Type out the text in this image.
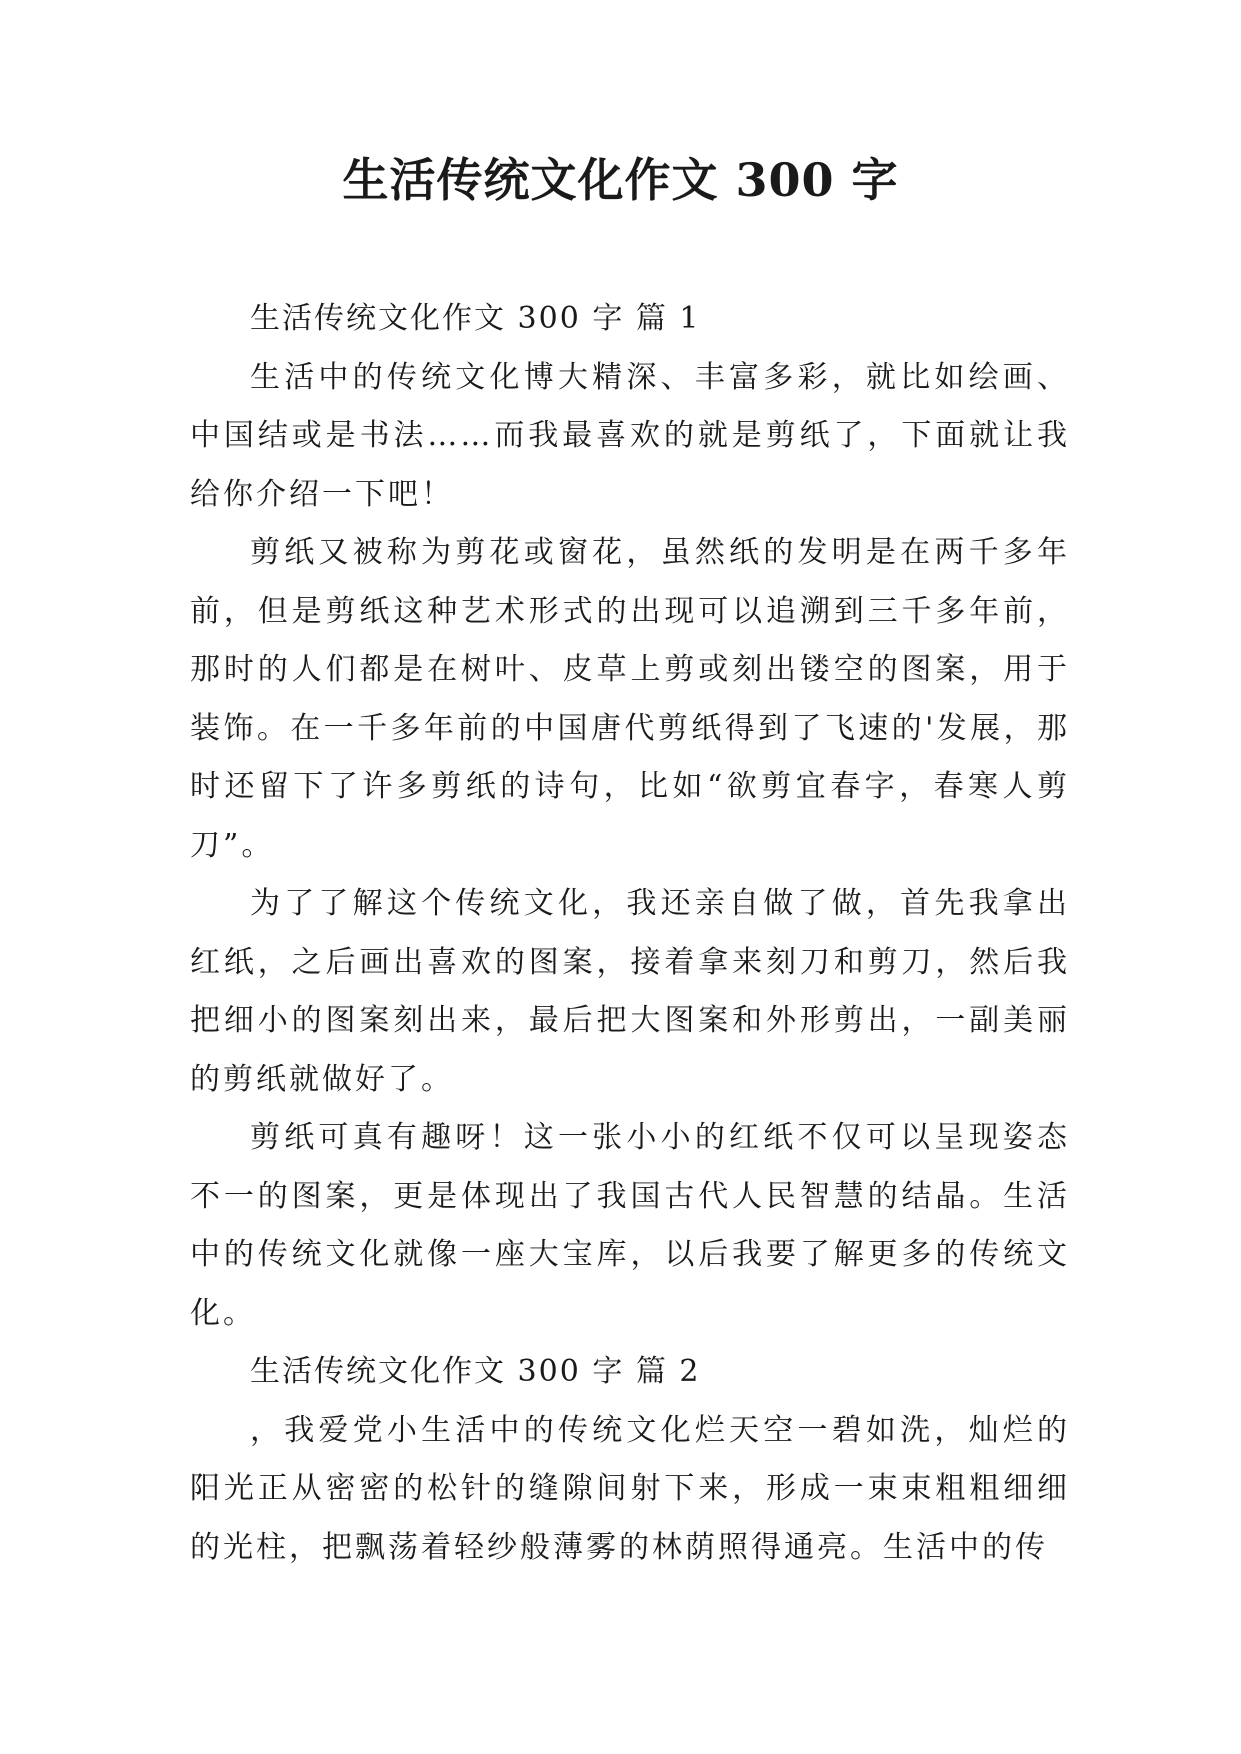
生活传统文化作文 300 字

生活传统文化作文 300 字 篇 1

生活中的传统文化博大精深、丰富多彩，就比如绘画、中国结或是书法……而我最喜欢的就是剪纸了，下面就让我给你介绍一下吧！

剪纸又被称为剪花或窗花，虽然纸的发明是在两千多年前，但是剪纸这种艺术形式的出现可以追溯到三千多年前，那时的人们都是在树叶、皮草上剪或刻出镂空的图案，用于装饰。在一千多年前的中国唐代剪纸得到了飞速的'发展，那时还留下了许多剪纸的诗句，比如“欲剪宜春字，春寒人剪刀”。

为了了解这个传统文化，我还亲自做了做，首先我拿出红纸，之后画出喜欢的图案，接着拿来刻刀和剪刀，然后我把细小的图案刻出来，最后把大图案和外形剪出，一副美丽的剪纸就做好了。

剪纸可真有趣呀！这一张小小的红纸不仅可以呈现姿态不一的图案，更是体现出了我国古代人民智慧的结晶。生活中的传统文化就像一座大宝库，以后我要了解更多的传统文化。

生活传统文化作文 300 字 篇 2

，我爱党小生活中的传统文化烂天空一碧如洗，灿烂的阳光正从密密的松针的缝隙间射下来，形成一束束粗粗细细的光柱，把飘荡着轻纱般薄雾的林荫照得通亮。生活中的传
